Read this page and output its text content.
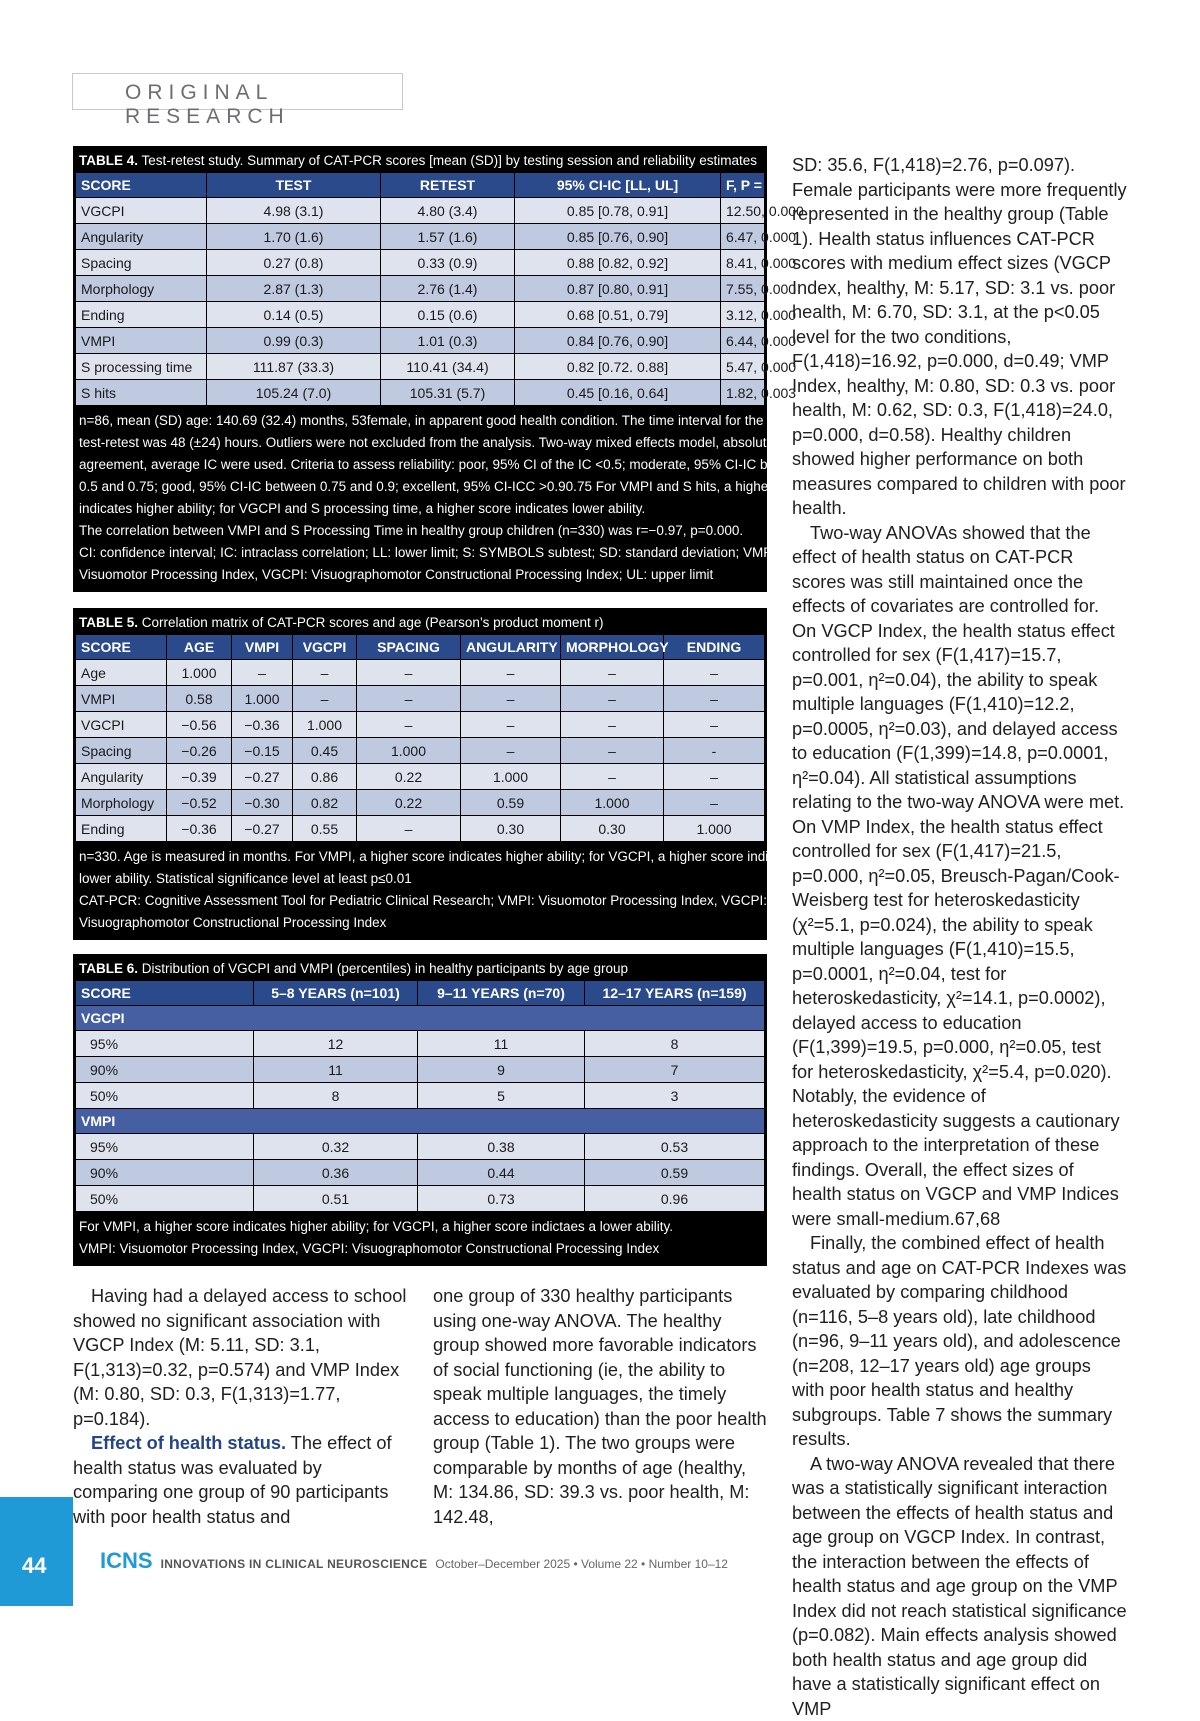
ORIGINAL RESEARCH
TABLE 4. Test-retest study. Summary of CAT-PCR scores [mean (SD)] by testing session and reliability estimates
SCORE	TEST	RETEST	95% CI-IC [LL, UL]	F, P =
VGCPI	4.98 (3.1)	4.80 (3.4)	0.85 [0.78, 0.91]	12.50, 0.000
Angularity	1.70 (1.6)	1.57 (1.6)	0.85 [0.76, 0.90]	6.47, 0.000
Spacing	0.27 (0.8)	0.33 (0.9)	0.88 [0.82, 0.92]	8.41, 0.000
Morphology	2.87 (1.3)	2.76 (1.4)	0.87 [0.80, 0.91]	7.55, 0.000
Ending	0.14 (0.5)	0.15 (0.6)	0.68 [0.51, 0.79]	3.12, 0.000
VMPI	0.99 (0.3)	1.01 (0.3)	0.84 [0.76, 0.90]	6.44, 0.000
S processing time	111.87 (33.3)	110.41 (34.4)	0.82 [0.72. 0.88]	5.47, 0.000
S hits	105.24 (7.0)	105.31 (5.7)	0.45 [0.16, 0.64]	1.82, 0.003
n=86, mean (SD) age: 140.69 (32.4) months, 53female, in apparent good health condition. The time interval for the
test-retest was 48 (±24) hours. Outliers were not excluded from the analysis. Two-way mixed effects model, absolute
agreement, average IC were used. Criteria to assess reliability: poor, 95% CI of the IC <0.5; moderate, 95% CI-IC between
0.5 and 0.75; good, 95% CI-IC between 0.75 and 0.9; excellent, 95% CI-ICC >0.90.75 For VMPI and S hits, a higher score
indicates higher ability; for VGCPI and S processing time, a higher score indicates lower ability.
The correlation between VMPI and S Processing Time in healthy group children (n=330) was r=−0.97, p=0.000.
CI: confidence interval; IC: intraclass correlation; LL: lower limit; S: SYMBOLS subtest; SD: standard deviation; VMPI:
Visuomotor Processing Index, VGCPI: Visuographomotor Constructional Processing Index; UL: upper limit
TABLE 5. Correlation matrix of CAT-PCR scores and age (Pearson’s product moment r)
SCORE	AGE	VMPI	VGCPI	SPACING	ANGULARITY	MORPHOLOGY	ENDING
Age	1.000	–	–	–	–	–	–
VMPI	0.58	1.000	–	–	–	–	–
VGCPI	−0.56	−0.36	1.000	–	–	–	–
Spacing	−0.26	−0.15	0.45	1.000	–	–	-
Angularity	−0.39	−0.27	0.86	0.22	1.000	–	–
Morphology	−0.52	−0.30	0.82	0.22	0.59	1.000	–
Ending	−0.36	−0.27	0.55	–	0.30	0.30	1.000
n=330. Age is measured in months. For VMPI, a higher score indicates higher ability; for VGCPI, a higher score indicates
lower ability. Statistical significance level at least p≤0.01
CAT-PCR: Cognitive Assessment Tool for Pediatric Clinical Research; VMPI: Visuomotor Processing Index, VGCPI:
Visuographomotor Constructional Processing Index
TABLE 6. Distribution of VGCPI and VMPI (percentiles) in healthy participants by age group
SCORE	5–8 YEARS (n=101)	9–11 YEARS (n=70)	12–17 YEARS (n=159)
VGCPI			
95%	12	11	8
90%	11	9	7
50%	8	5	3
VMPI			
95%	0.32	0.38	0.53
90%	0.36	0.44	0.59
50%	0.51	0.73	0.96
For VMPI, a higher score indicates higher ability; for VGCPI, a higher score indictaes a lower ability.
VMPI: Visuomotor Processing Index, VGCPI: Visuographomotor Constructional Processing Index

Having had a delayed access to school showed no significant association with VGCP Index (M: 5.11, SD: 3.1, F(1,313)=0.32, p=0.574) and VMP Index (M: 0.80, SD: 0.3, F(1,313)=1.77, p=0.184).

Effect of health status. The effect of health status was evaluated by comparing one group of 90 participants with poor health status and

one group of 330 healthy participants using one-way ANOVA. The healthy group showed more favorable indicators of social functioning (ie, the ability to speak multiple languages, the timely access to education) than the poor health group (Table 1). The two groups were comparable by months of age (healthy, M: 134.86, SD: 39.3 vs. poor health, M: 142.48,

SD: 35.6, F(1,418)=2.76, p=0.097). Female participants were more frequently represented in the healthy group (Table 1). Health status influences CAT-PCR scores with medium effect sizes (VGCP Index, healthy, M: 5.17, SD: 3.1 vs. poor health, M: 6.70, SD: 3.1, at the p<0.05 level for the two conditions, F(1,418)=16.92, p=0.000, d=0.49; VMP Index, healthy, M: 0.80, SD: 0.3 vs. poor health, M: 0.62, SD: 0.3, F(1,418)=24.0, p=0.000, d=0.58). Healthy children showed higher performance on both measures compared to children with poor health.

Two-way ANOVAs showed that the effect of health status on CAT-PCR scores was still maintained once the effects of covariates are controlled for. On VGCP Index, the health status effect controlled for sex (F(1,417)=15.7, p=0.001, η²=0.04), the ability to speak multiple languages (F(1,410)=12.2, p=0.0005, η²=0.03), and delayed access to education (F(1,399)=14.8, p=0.0001, η²=0.04). All statistical assumptions relating to the two-way ANOVA were met. On VMP Index, the health status effect controlled for sex (F(1,417)=21.5, p=0.000, η²=0.05, Breusch-Pagan/Cook-Weisberg test for heteroskedasticity (χ²=5.1, p=0.024), the ability to speak multiple languages (F(1,410)=15.5, p=0.0001, η²=0.04, test for heteroskedasticity, χ²=14.1, p=0.0002), delayed access to education (F(1,399)=19.5, p=0.000, η²=0.05, test for heteroskedasticity, χ²=5.4, p=0.020). Notably, the evidence of heteroskedasticity suggests a cautionary approach to the interpretation of these findings. Overall, the effect sizes of health status on VGCP and VMP Indices were small-medium.67,68

Finally, the combined effect of health status and age on CAT-PCR Indexes was evaluated by comparing childhood (n=116, 5–8 years old), late childhood (n=96, 9–11 years old), and adolescence (n=208, 12–17 years old) age groups with poor health status and healthy subgroups. Table 7 shows the summary results.

A two-way ANOVA revealed that there was a statistically significant interaction between the effects of health status and age group on VGCP Index. In contrast, the interaction between the effects of health status and age group on the VMP Index did not reach statistical significance (p=0.082). Main effects analysis showed both health status and age group did have a statistically significant effect on VMP

44 ICNS INNOVATIONS IN CLINICAL NEUROSCIENCE October–December 2025 • Volume 22 • Number 10–12
